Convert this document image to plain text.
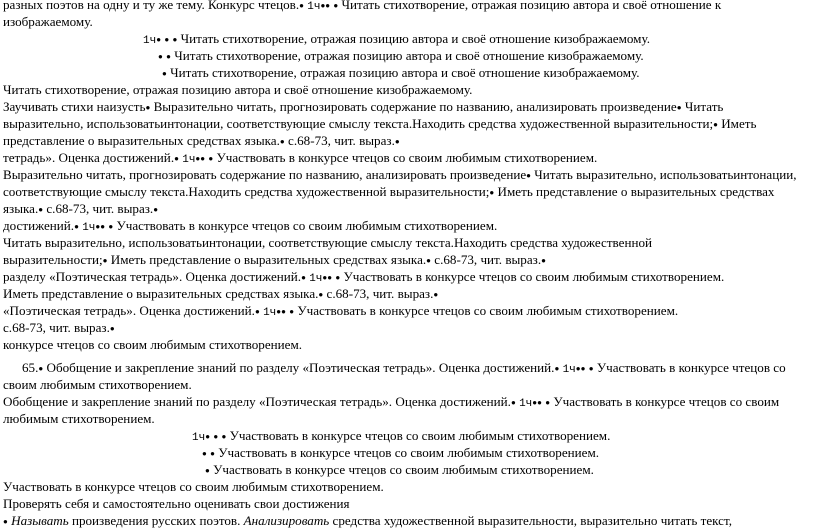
разных поэтов на одну и ту же тему. Конкурс чтецов.● 1ч●● ● Читать стихотворение, отражая позицию автора и своё отношение к
изображаемому.
1ч● ● ● Читать стихотворение, отражая позицию автора и своё отношение кизображаемому.
● ● Читать стихотворение, отражая позицию автора и своё отношение кизображаемому.
● Читать стихотворение, отражая позицию автора и своё отношение кизображаемому.
Читать стихотворение, отражая позицию автора и своё отношение кизображаемому.
Заучивать стихи наизусть● Выразительно читать, прогнозировать содержание по названию, анализировать произведение● Читать
выразительно, использоватьинтонации, соответствующие смыслу текста.Находить средства художественной выразительности;● Иметь
представление о выразительных средствах языка.● с.68-73, чит. выраз.●
тетрадь». Оценка достижений.● 1ч●● ● Участвовать в конкурсе чтецов со своим любимым стихотворением.
Выразительно читать, прогнозировать содержание по названию, анализировать произведение● Читать выразительно, использоватьинтонации,
соответствующие смыслу текста.Находить средства художественной выразительности;● Иметь представление о выразительных средствах
языка.● с.68-73, чит. выраз.●
достижений.● 1ч●● ● Участвовать в конкурсе чтецов со своим любимым стихотворением.
Читать выразительно, использоватьинтонации, соответствующие смыслу текста.Находить средства художественной
выразительности;● Иметь представление о выразительных средствах языка.● с.68-73, чит. выраз.●
разделу «Поэтическая тетрадь». Оценка достижений.● 1ч●● ● Участвовать в конкурсе чтецов со своим любимым стихотворением.
Иметь представление о выразительных средствах языка.● с.68-73, чит. выраз.●
«Поэтическая тетрадь». Оценка достижений.● 1ч●● ● Участвовать в конкурсе чтецов со своим любимым стихотворением.
с.68-73, чит. выраз.●
конкурсе чтецов со своим любимым стихотворением.
65.● Обобщение и закрепление знаний по разделу «Поэтическая тетрадь». Оценка достижений.● 1ч●● ● Участвовать в конкурсе чтецов со
своим любимым стихотворением.
Обобщение и закрепление знаний по разделу «Поэтическая тетрадь». Оценка достижений.● 1ч●● ● Участвовать в конкурсе чтецов со своим
любимым стихотворением.
1ч● ● ● Участвовать в конкурсе чтецов со своим любимым стихотворением.
● ● Участвовать в конкурсе чтецов со своим любимым стихотворением.
● Участвовать в конкурсе чтецов со своим любимым стихотворением.
Участвовать в конкурсе чтецов со своим любимым стихотворением.
Проверять себя и самостоятельно оценивать свои достижения
● Называть произведения русских поэтов. Анализировать средства художественной выразительности, выразительно читать текст,
